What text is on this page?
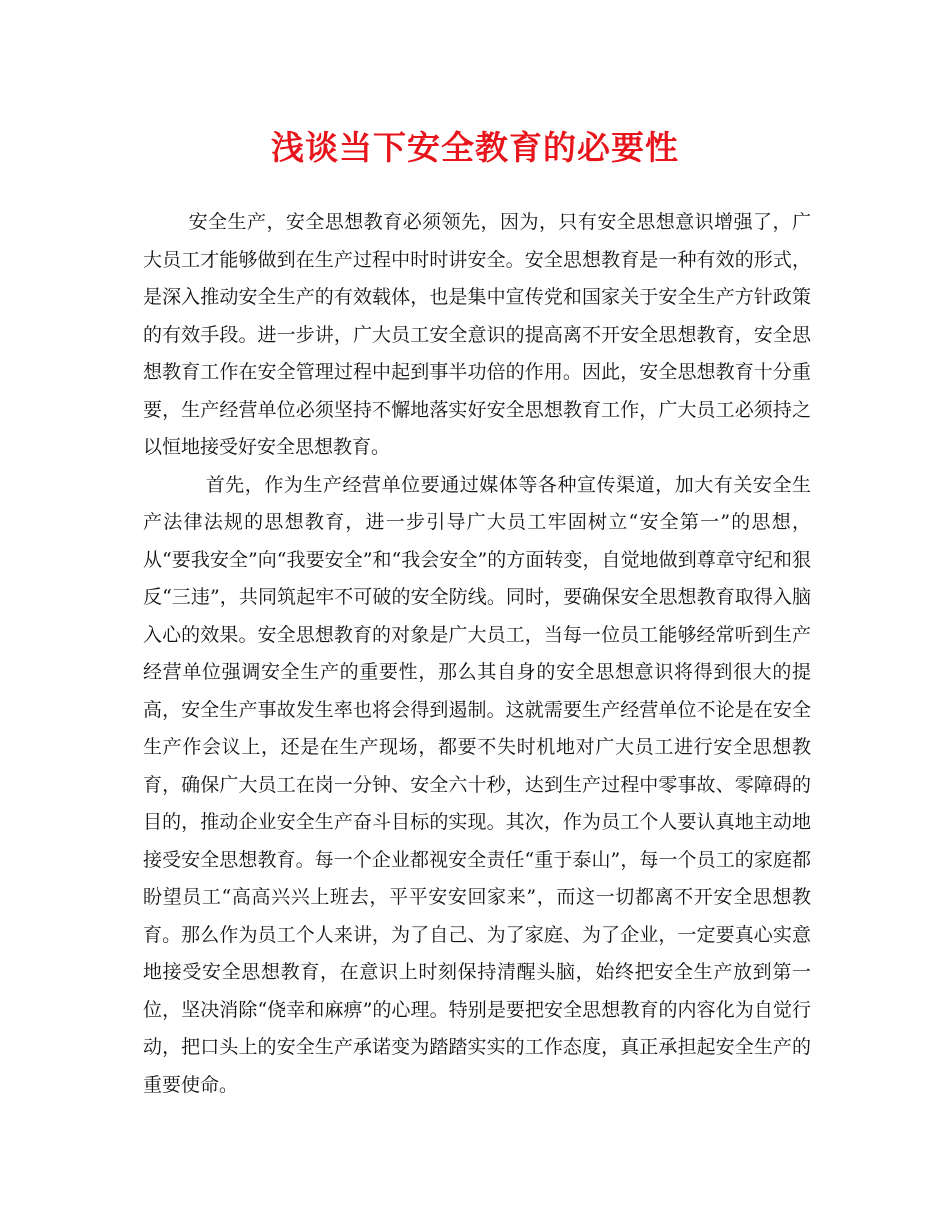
浅谈当下安全教育的必要性

安全生产，安全思想教育必须领先，因为，只有安全思想意识增强了，广大员工才能够做到在生产过程中时时讲安全。安全思想教育是一种有效的形式，是深入推动安全生产的有效载体，也是集中宣传党和国家关于安全生产方针政策的有效手段。进一步讲，广大员工安全意识的提高离不开安全思想教育，安全思想教育工作在安全管理过程中起到事半功倍的作用。因此，安全思想教育十分重要，生产经营单位必须坚持不懈地落实好安全思想教育工作，广大员工必须持之以恒地接受好安全思想教育。

首先，作为生产经营单位要通过媒体等各种宣传渠道，加大有关安全生产法律法规的思想教育，进一步引导广大员工牢固树立“安全第一”的思想，从“要我安全”向“我要安全”和“我会安全”的方面转变，自觉地做到尊章守纪和狠反“三违”，共同筑起牢不可破的安全防线。同时，要确保安全思想教育取得入脑入心的效果。安全思想教育的对象是广大员工，当每一位员工能够经常听到生产经营单位强调安全生产的重要性，那么其自身的安全思想意识将得到很大的提高，安全生产事故发生率也将会得到遏制。这就需要生产经营单位不论是在安全生产作会议上，还是在生产现场，都要不失时机地对广大员工进行安全思想教育，确保广大员工在岗一分钟、安全六十秒，达到生产过程中零事故、零障碍的目的，推动企业安全生产奋斗目标的实现。其次，作为员工个人要认真地主动地接受安全思想教育。每一个企业都视安全责任“重于泰山”，每一个员工的家庭都盼望员工“高高兴兴上班去，平平安安回家来”，而这一切都离不开安全思想教育。那么作为员工个人来讲，为了自己、为了家庭、为了企业，一定要真心实意地接受安全思想教育，在意识上时刻保持清醒头脑，始终把安全生产放到第一位，坚决消除“侥幸和麻痹”的心理。特别是要把安全思想教育的内容化为自觉行动，把口头上的安全生产承诺变为踏踏实实的工作态度，真正承担起安全生产的重要使命。
